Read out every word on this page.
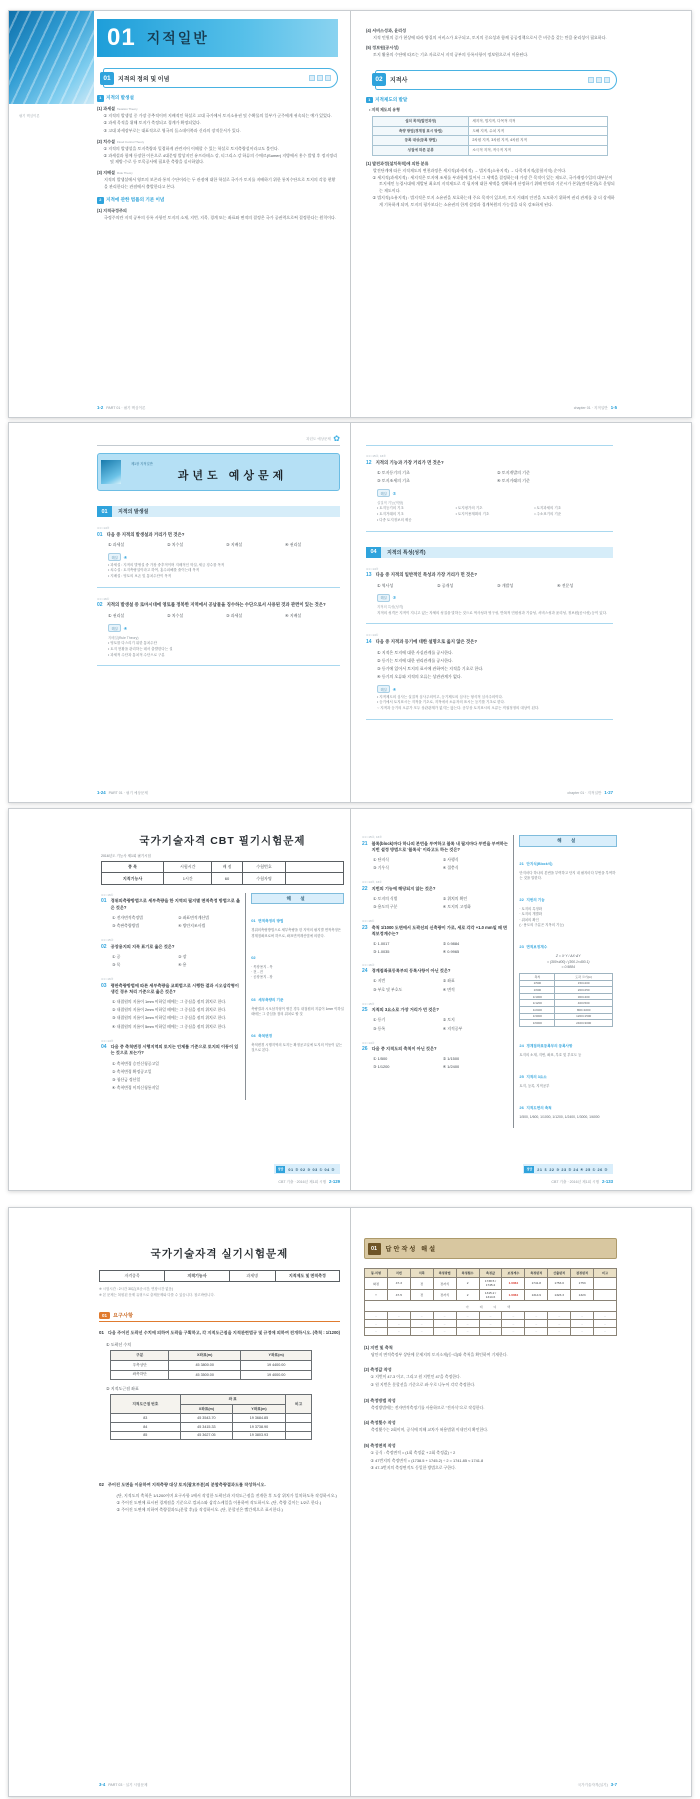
필기 핵심이론
01 지적일반
01	지적의 정의 및 이념
1	지적의 발생설
(1) 과세설 Taxation Theory
① 지적의 발생설 중 가장 중추적이며 지배적인 학설로 고대 국가에서 토지소유권 및 수확물의 일부가 군주에게 귀속되는 예가 있었다.
② 과세 목적을 위해 토지가 측정되고 경계가 확정되었다.
③ 고대 과세장부로는 대표적으로 영국의 둠스데이북과 신라의 장적문서가 있다.
(2) 치수설 Flood Control Theory
① 지적의 발생설을 토지측량과 밀접하게 관련지어 이해할 수 있는 학설로 토지측량설이라고도 불린다.
② 과세설과 함께 등장한 이론으로 4대문명 발상지인 유프라테스 강, 티그리스 강 하류의 수메르(Sumer) 지방에서 홍수 발생 후 정지정리 및 제방·수로 등 토목공사에 필요한 측량을 실시하였다.
(3) 지배설 Rule Theory
지적의 발생설에서 영토의 보존과 통치 수단이라는 두 관점에 대한 학설로 국가가 토지를 지배하기 위한 통치수단으로 토지의 각종 현황을 관리한다는 관점에서 출발한다고 본다.
2	지적에 관한 법률의 기본 이념
(1) 지적국정주의
국정주의란 지적 공부의 등록 사항인 토지의 소재, 지번, 지목, 경계 또는 좌표와 면적의 결정은 국가 공권력으로써 결정한다는 원칙이다.
1-2 PART 01 · 필기 핵심이론
(4) 서비스성과, 윤리성
지적 민원의 증가 현상에 따라 양질의 서비스가 요구되고, 토지의 중요성과 함께 공공정책으로서 큰 비중을 갖는 만큼 윤리성이 필요하다.
(5) 정보원(공시성)
토지 활용의 수단에 따르는 기초 자료로서 지적 공부의 등록사항이 정보원으로서 이용된다.
02	지적사
1	지적제도의 발달
• 지적 제도의 유형
설치 목적(발전과정)	세지적, 법지적, 다목적 지적
측량 방법(경계점 표시 방법)	도해 지적, 수치 지적
등록 대상(등록 방법)	2차원 지적, 3차원 지적, 4차원 지적
성질에 따른 분류	소극적 지적, 적극적 지적
(1) 발전과정(설치목적)에 의한 분류
발전단계에 따른 지적제도의 변천과정은 세지적(과세지적) → 법지적(소유지적) → 다목적지적(종합지적) 순이다.
① 세지적(과세지적) : 세지적은 토지에 조세를 부과함에 있어서 그 세액을 결정하는데 가장 큰 목적이 있는 제도로, 국가재정수입의 대부분이 토지세인 농경시대에 개발된 최초의 지적제도로 각 필지에 대한 세액을 정확하게 산정하기 위해 면적과 기준시가 본위(면적본위)로 운영되는 제도이다.
② 법지적(소유지적) : 법지적은 토지 소유권을 보호하는데 주요 목적이 있으며, 토지 거래의 안전을 도모하기 위하여 권리 관계를 좀 더 상세하게 기록하게 되며, 토지의 평가보다는 소유권의 한계 설정과 경계복원의 가능성을 더욱 강조하게 된다.
chapter 01 · 지적일반 1-5
과년도 예상문제 ✿
제1장 지적일반
과년도 예상문제
01	지적의 발생설
□□□ 14③
01 다음 중 지적의 발생설과 거리가 먼 것은?
① 과세설	② 치수설	③ 지배설	④ 권리설
해설	④
• 과세설 : 지적의 발생설 중 가장 중추적이며 지배적인 학설, 세금 징수를 목적
• 치수설 : 토지측량설이라고 하여, 홍수피해를 줄이는데 목적
• 지배설 : 영토의 보존 및 통치수단이 목적
□□□ 16①
02 지적의 발생설 중 로마시대에 영토를 정복한 지역에서 공납물을 징수하는 수단으로서 사용된 것과 관련이 있는 것은?
① 권리설	② 치수설	③ 과세설	④ 지배설
해설	④
지배설(Rule Theory)
• 영토를 다스리기 위한 통치수단
• 토지 현황을 관리하는 데서 출발한다는 설
• 과세적 수단과 통치적 수단으로 구분
1-24 PART 01 · 필기 예상문제
□□□ 15②, 16③
12 지적의 기능과 가장 거리가 먼 것은?
① 토지등기의 기초	② 토지개발의 기준
③ 토지조세의 기초	④ 토지거래의 기준
해설	②
실질적 기능(역할)
• 토지등기의 기초	• 토지평가의 기초	• 토지과세의 기초
• 토지거래의 기초	• 토지이용계획의 기초	• 주소표기의 기준
• 다종 토지정보의 제공
04	지적의 특성(성격)
□□□ 14③
13 다음 중 지적의 일반적인 특성과 가장 거리가 먼 것은?
① 역사성	② 공개성	③ 개발성	④ 전문성
해설	③
지적의 특성(성격)
지적의 성격은 지적이 지니고 있는 자체의 성질을 말하는 것으로 역사성과 영구성, 반복적 민원성과 기술성, 서비스성과 윤리성, 정보원(공시성) 등이 있다.
□□□ 14①
14 다음 중 지적과 등기에 대한 설명으로 옳지 않은 것은?
① 지적은 토지에 대한 사실관계를 공시한다.
② 등기는 토지에 대한 권리관계를 공시한다.
③ 등기에 있어서 토지의 표시에 관하여는 지적을 기초로 한다.
④ 등기의 오류와 지적의 오류는 상관관계가 없다.
해설	④
• 지적제도의 심사는 실질적 심사주의이고, 등기제도의 심사는 형식적 심사주의이다.
• 등기에서 토지표시는 지적을 기초로, 지적에서 소유자의 표시는 등기를 기초로 한다.
∵ 지적과 등기의 오류가 모두 상관관계가 없지는 않는다. 공부상 토지표시의 오류는 직권정정의 대상이 된다.
chapter 01 · 지적일반 1-27
국가기술자격 CBT 필기시험문제
2016년도 기능사 제1회 필기시험
종 목	시험시간	배 점	수험번호	
지적기능사	1시간	60	수험자명	
□□□ 16①
01 경위의측량방법으로 세부측량을 한 지역의 필지별 면적측정 방법으로 옳은 것은?
① 전자면적측정법	② 좌표면적계산법
③ 측판측량방법	④ 방안지조사법
□□□ 15②
02 공장용지의 지목 표기로 옳은 것은?
① 공	② 장
③ 목	④ 용
□□□ 16③
03 평판측량방법에 따른 세부측량을 교회법으로 시행한 결과 시오삼각형이 생긴 경우 처리 기준으로 옳은 것은?
① 내접원의 지름이 1mm 이하일 때에는 그 중심을 점의 위치로 한다.
② 내접원의 지름이 2mm 이하일 때에는 그 중심을 점의 위치로 한다.
③ 내접원의 지름이 3mm 이하일 때에는 그 중심을 점의 위치로 한다.
④ 내접원의 지름이 5mm 이하일 때에는 그 중심을 점의 위치로 한다.
□□□ 14③
04 다음 중 축척변경 시행지역의 토지는 언제를 기준으로 토지의 이동이 있는 것으로 보는가?
① 축척변경 승인신청공고일
② 축척변경 확정공고일
③ 청산금 정산일
④ 축척변경 이의신청통지일
해 설
01 면적측정의 방법
경위의측량방법으로 세부측량을 한 지역의 필지별 면적측정은 경계점좌표로써 하므로, 좌표면적계산법에 의한다.
02
· 목장용지 - 목
· 전 - 전
· 공장용지 - 장
03 세부측량의 기준
측량결과 시오삼각형이 생긴 경우 내접원의 지름이 1mm 이하일 때에는 그 중심을 점의 위치로 할 것
04 축척변경
축척변경 시행지역의 토지는 확정공고일에 토지의 이동이 있는 것으로 본다.
정답	01 ② 02 ③ 03 ① 04 ②
CBT 기출 · 2016년 제1회 시행 2-129
□□□ 15②, 16③
21 블록(block)마다 하나의 본번을 부여하고 블록 내 필지마다 부번을 부여하는 지번 설정 방법으로 '블록식' 이라고도 하는 것은?
① 단지식	② 사행식
③ 기우식	④ 절충식
□□□ 14③, 16①
22 지번의 기능에 해당되지 않는 것은?
① 토지의 식별	② 위치의 확인
③ 용도의 구분	④ 토지의 고정화
□□□ 16①
23 축척 1/1000 도면에서 도곽선의 신축량이 가로, 세로 각각 +1.0 mm일 때 면적보정계수는?
① 1.0017	② 0.9884
③ 1.0035	④ 0.9965
□□□ 16②
24 경계점좌표등록부의 등록사항이 아닌 것은?
① 지번	② 좌표
③ 부호 및 부호도	④ 면적
□□□ 15③
25 지적의 3요소로 가장 거리가 먼 것은?
① 등기	② 토지
③ 등록	④ 지적공부
□□□ 14②
26 다음 중 지적도의 축척이 아닌 것은?
① 1/500	② 1/1500
③ 1/1200	④ 1/2400
해 설
21 단지식(Block식)
단지마다 하나의 본번을 부여하고 단지 내 필지마다 부번을 부여하는 것을 말한다.
22 지번의 기능
· 토지의 특정화
· 토지의 개별화
· 위치의 확인
(∵ 용도의 구분은 지목의 기능)
23 면적보정계수
Z = X·Y / ΔX·ΔY
= (300×400) / (300.1×400.1)
= 0.9884
축척	도곽 크기(m)
1/500	150×200
1/600	200×250
1/1000	300×400
1/1200	400×500
1/2400	800×1000
1/3000	1200×1500
1/6000	2400×3000
24 경계점좌표등록부의 등록사항
토지의 소재, 지번, 좌표, 부호 및 부호도 등
25 지적의 3요소
토지, 등록, 지적공부
26 지적도면의 축척
1/500, 1/600, 1/1000, 1/1200, 1/2400, 1/3000, 1/6000
정답	21 ① 22 ③ 23 ② 24 ④ 25 ① 26 ②
CBT 기출 · 2016년 제1회 시행 2-133
국가기술자격 실기시험문제
자격종목	지적기능사	과제명	지적제도 및 면적측정
※ 시험시간 : 2시간 30분(표준시간, 연장시간 없음)
※ 본 문제는 복원된 문제 유형으로 출제문제와 다를 수 있습니다. 참고바랍니다.
01	요구사항
01 다음 주어진 도곽선 수치에 의하여 도곽을 구획하고, 각 지적도근점을 지적관련법규 및 규정에 의하여 전개하시오. (축척 : 1/1200)
① 도곽선 수치
구분	X좌표(m)	Y좌표(m)
우측상단	45 3800.00	19 4400.00
좌측하단	45 3500.00	19 4000.00
② 지적도근점 좌표
지적도근점 번호	좌 표		비고
	X좌표(m)	Y좌표(m)	
83	45 3543.70	19 3684.85	
84	45 3415.33	19 3738.90	
85	45 3627.05	19 3803.93	
02 주어진 도면을 이용하여 지적측량 대상 토지(괄호부분)의 분할측량결과도를 작성하시오.
(단, 지적도의 축척은 1/1200이며 요구사항 1에서 작성한 도곽선과 지적도근점을 전개한 후 도상 위치가 일치하도록 작성하시오.)
① 주어진 도면에 표시된 경계점을 기준으로 컴퍼스와 삼각스케일을 이용하여 작도하시오. (단, 측량 길이는 1/2로 한다.)
② 주어진 도면에 의하여 측량결과도(분할 후)를 작성하시오. (단, 분할선은 빨간색으로 표시한다.)
3-4 PART 03 · 실기 시험문제
01	답안작성 해설
동·리명	지번	지목	측정방법	측정횟수	측정값	보정계수	측정면적	산출면적	결정면적	비고
화정	47-3	전	전자식	2	1738.5 / 1745.2	1.0064	1741.8	1753.0	1753	
〃	47-5	전	전자식	2	1315.2 / 1314.6	1.0064	1314.9	1323.3	1323	
아 래 여 백										
–	–	–	–	–	–	–	–	–	–	–
–	–	–	–	–	–	–	–	–	–	–
–	–	–	–	–	–	–	–	–	–	–
(1) 지번 및 축척
답안지 면적측정부 상단에 문제지의 토지소재(동·리)와 축척을 확인하여 기재한다.
(2) 측정값 작성
① 지번이 47-3 이고, 그리고 원 지번인 47을 측정한다.
② 원 지번은 분할선을 기준으로 좌·우로 나누어 각각 측정한다.
(3) 측정방법 작성
측정방법에는 전자면적측정기를 사용하므로 "전자식"으로 작성한다.
(4) 측정횟수 작성
측정횟수는 2회이며, 공식에 의해 교차가 허용범위 이내인지 확인한다.
(5) 측정면적 작성
① 공식 : 측정면적 = (1회 측정값 + 2회 측정값) ÷ 2
② 47번지의 측정면적 = (1738.5 + 1745.2) ÷ 2 = 1741.85 ≈ 1741.8
③ 47-3번지의 측정면적도 동일한 방법으로 구한다.
국가기술자격(실기) 3-7
